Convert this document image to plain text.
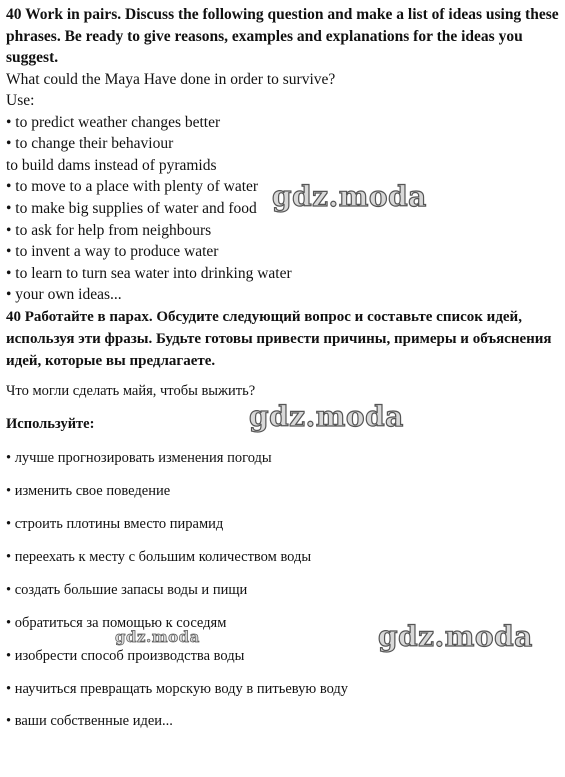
40 Work in pairs. Discuss the following question and make a list of ideas using these phrases. Be ready to give reasons, examples and explanations for the ideas you suggest.

What could the Maya Have done in order to survive?

Use:

• to predict weather changes better

• to change their behaviour

to build dams instead of pyramids

• to move to a place with plenty of water

• to make big supplies of water and food

• to ask for help from neighbours

• to invent a way to produce water

• to learn to turn sea water into drinking water

• your own ideas...

40 Работайте в парах. Обсудите следующий вопрос и составьте список идей, используя эти фразы. Будьте готовы привести причины, примеры и объяснения идей, которые вы предлагаете.

Что могли сделать майя, чтобы выжить?

Используйте:

• лучше прогнозировать изменения погоды

• изменить свое поведение

• строить плотины вместо пирамид

• переехать к месту с большим количеством воды

• создать большие запасы воды и пищи

• обратиться за помощью к соседям

• изобрести способ производства воды

• научиться превращать морскую воду в питьевую воду

• ваши собственные идеи...

gdz.moda
gdz.moda
gdz.moda	gdz.moda
